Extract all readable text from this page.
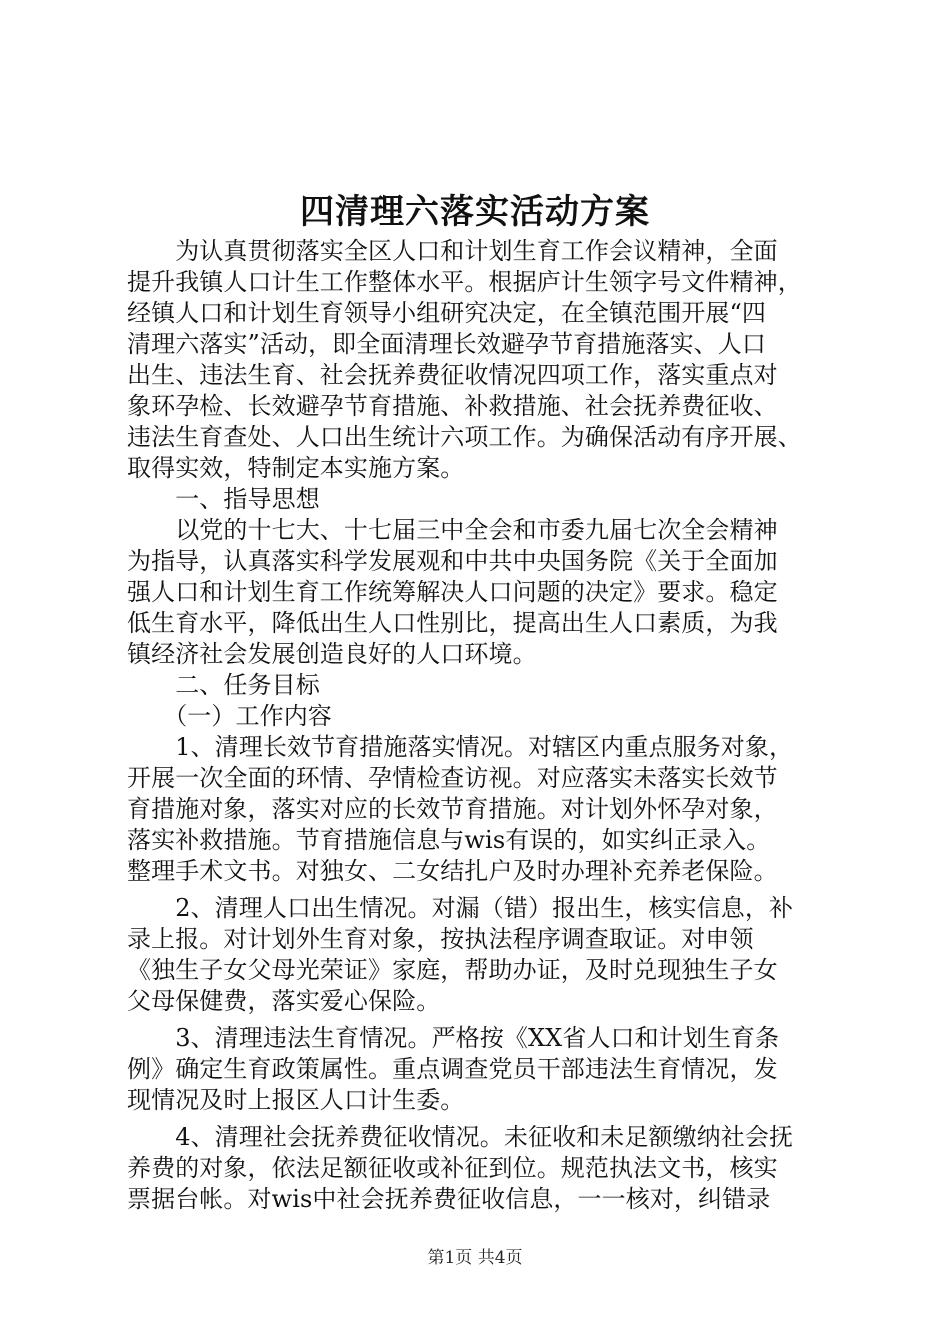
四清理六落实活动方案
　　为认真贯彻落实全区人口和计划生育工作会议精神，全面
提升我镇人口计生工作整体水平。根据庐计生领字号文件精神，
经镇人口和计划生育领导小组研究决定，在全镇范围开展“四
清理六落实”活动，即全面清理长效避孕节育措施落实、人口
出生、违法生育、社会抚养费征收情况四项工作，落实重点对
象环孕检、长效避孕节育措施、补救措施、社会抚养费征收、
违法生育查处、人口出生统计六项工作。为确保活动有序开展、
取得实效，特制定本实施方案。
　　一、指导思想
　　以党的十七大、十七届三中全会和市委九届七次全会精神
为指导，认真落实科学发展观和中共中央国务院《关于全面加
强人口和计划生育工作统筹解决人口问题的决定》要求。稳定
低生育水平，降低出生人口性别比，提高出生人口素质，为我
镇经济社会发展创造良好的人口环境。
　　二、任务目标
　　（一）工作内容
　　1、清理长效节育措施落实情况。对辖区内重点服务对象，
开展一次全面的环情、孕情检查访视。对应落实未落实长效节
育措施对象，落实对应的长效节育措施。对计划外怀孕对象，
落实补救措施。节育措施信息与wis有误的，如实纠正录入。
整理手术文书。对独女、二女结扎户及时办理补充养老保险。
　　2、清理人口出生情况。对漏（错）报出生，核实信息，补
录上报。对计划外生育对象，按执法程序调查取证。对申领
《独生子女父母光荣证》家庭，帮助办证，及时兑现独生子女
父母保健费，落实爱心保险。
　　3、清理违法生育情况。严格按《XX省人口和计划生育条
例》确定生育政策属性。重点调查党员干部违法生育情况，发
现情况及时上报区人口计生委。
　　4、清理社会抚养费征收情况。未征收和未足额缴纳社会抚
养费的对象，依法足额征收或补征到位。规范执法文书，核实
票据台帐。对wis中社会抚养费征收信息，一一核对，纠错录
第1页 共4页
